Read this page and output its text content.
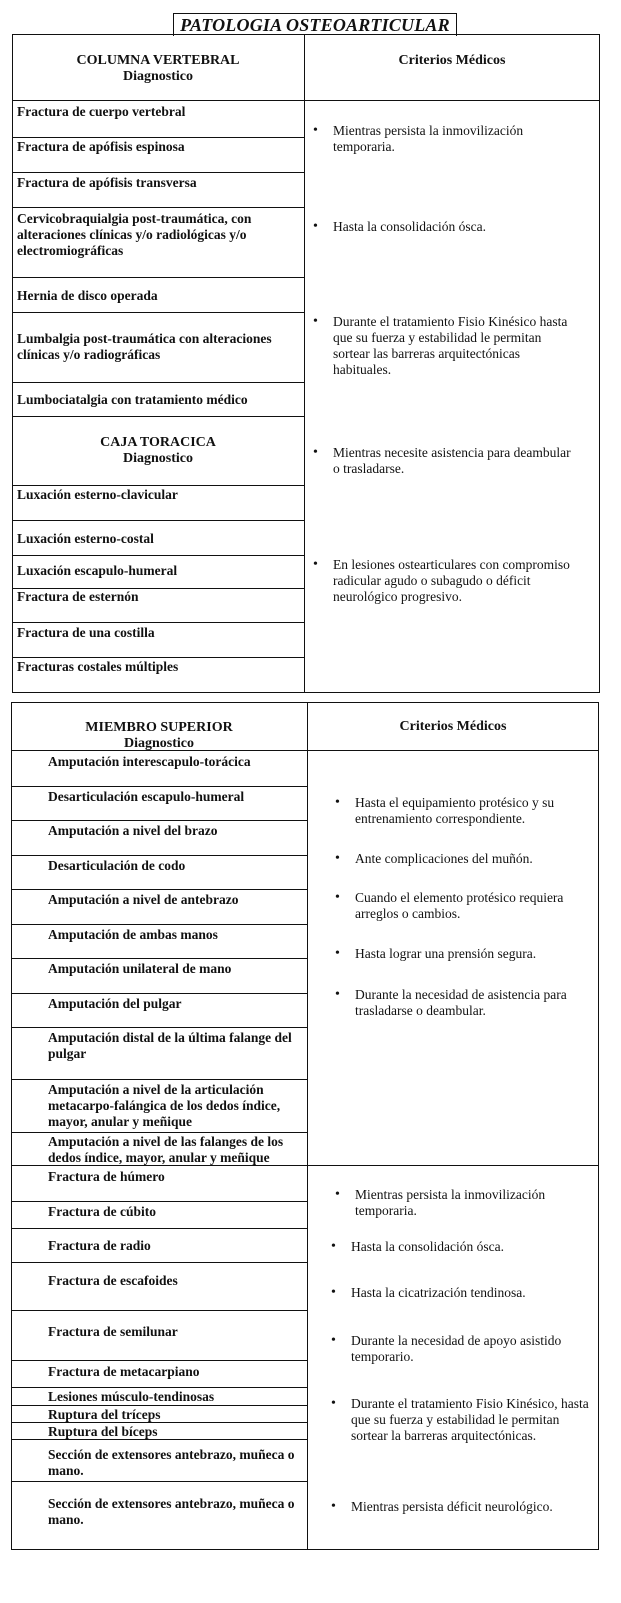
PATOLOGIA OSTEOARTICULAR
COLUMNA VERTEBRAL
Diagnostico
Criterios Médicos
Fractura de cuerpo vertebral
Fractura de apófisis espinosa
Fractura de apófisis transversa
Cervicobraquialgia post-traumática, con alteraciones clínicas y/o radiológicas y/o electromiográficas
Hernia de disco operada
Lumbalgia post-traumática con alteraciones clínicas y/o radiográficas
Lumbociatalgia con tratamiento médico
CAJA TORACICA
Diagnostico
Luxación esterno-clavicular
Luxación esterno-costal
Luxación escapulo-humeral
Fractura de esternón
Fractura de una costilla
Fracturas costales múltiples
• Mientras persista la inmovilización temporaria.
• Hasta la consolidación ósca.
• Durante el tratamiento Fisio Kinésico hasta que su fuerza y estabilidad le permitan sortear las barreras arquitectónicas habituales.
• Mientras necesite asistencia para deambular o trasladarse.
• En lesiones ostearticulares con compromiso radicular agudo o subagudo o déficit neurológico progresivo.
MIEMBRO SUPERIOR
Diagnostico
Criterios Médicos
Amputación interescapulo-torácica
Desarticulación escapulo-humeral
Amputación a nivel del brazo
Desarticulación de codo
Amputación a nivel de antebrazo
Amputación de ambas manos
Amputación unilateral de mano
Amputación del pulgar
Amputación distal de la última falange del pulgar
Amputación a nivel de la articulación metacarpo-falángica de los dedos índice, mayor, anular y meñique
Amputación a nivel de las falanges de los dedos índice, mayor, anular y meñique
• Hasta el equipamiento protésico y su entrenamiento correspondiente.
• Ante complicaciones del muñón.
• Cuando el elemento protésico requiera arreglos o cambios.
• Hasta lograr una prensión segura.
• Durante la necesidad de asistencia para trasladarse o deambular.
Fractura de húmero
Fractura de cúbito
Fractura de radio
Fractura de escafoides
Fractura de semilunar
Fractura de metacarpiano
Lesiones músculo-tendinosas
Ruptura del tríceps
Ruptura del bíceps
Sección de extensores antebrazo, muñeca o mano.
Sección de extensores antebrazo, muñeca o mano.
• Mientras persista la inmovilización temporaria.
• Hasta la consolidación ósca.
• Hasta la cicatrización tendinosa.
• Durante la necesidad de apoyo asistido temporario.
• Durante el tratamiento Fisio Kinésico, hasta que su fuerza y estabilidad le permitan sortear la barreras arquitectónicas.
• Mientras persista déficit neurológico.
